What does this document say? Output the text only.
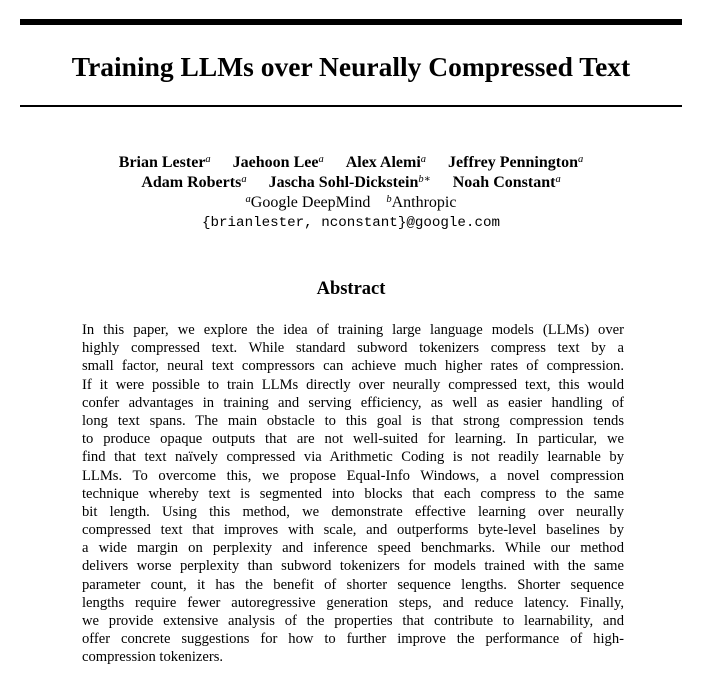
Training LLMs over Neurally Compressed Text
Brian Lester$^a$ Jaehoon Lee$^a$ Alex Alemi$^a$ Jeffrey Pennington$^a$
Adam Roberts$^a$ Jascha Sohl-Dickstein$^{b∗}$ Noah Constant$^a$
$^a$Google DeepMind $^b$Anthropic
{brianlester, nconstant}@google.com
Abstract
In this paper, we explore the idea of training large language models (LLMs) over
highly compressed text. While standard subword tokenizers compress text by a
small factor, neural text compressors can achieve much higher rates of compression.
If it were possible to train LLMs directly over neurally compressed text, this would
confer advantages in training and serving efficiency, as well as easier handling of
long text spans. The main obstacle to this goal is that strong compression tends
to produce opaque outputs that are not well-suited for learning. In particular, we
find that text naïvely compressed via Arithmetic Coding is not readily learnable by
LLMs. To overcome this, we propose Equal-Info Windows, a novel compression
technique whereby text is segmented into blocks that each compress to the same
bit length. Using this method, we demonstrate effective learning over neurally
compressed text that improves with scale, and outperforms byte-level baselines by
a wide margin on perplexity and inference speed benchmarks. While our method
delivers worse perplexity than subword tokenizers for models trained with the same
parameter count, it has the benefit of shorter sequence lengths. Shorter sequence
lengths require fewer autoregressive generation steps, and reduce latency. Finally,
we provide extensive analysis of the properties that contribute to learnability, and
offer concrete suggestions for how to further improve the performance of high-
compression tokenizers.
